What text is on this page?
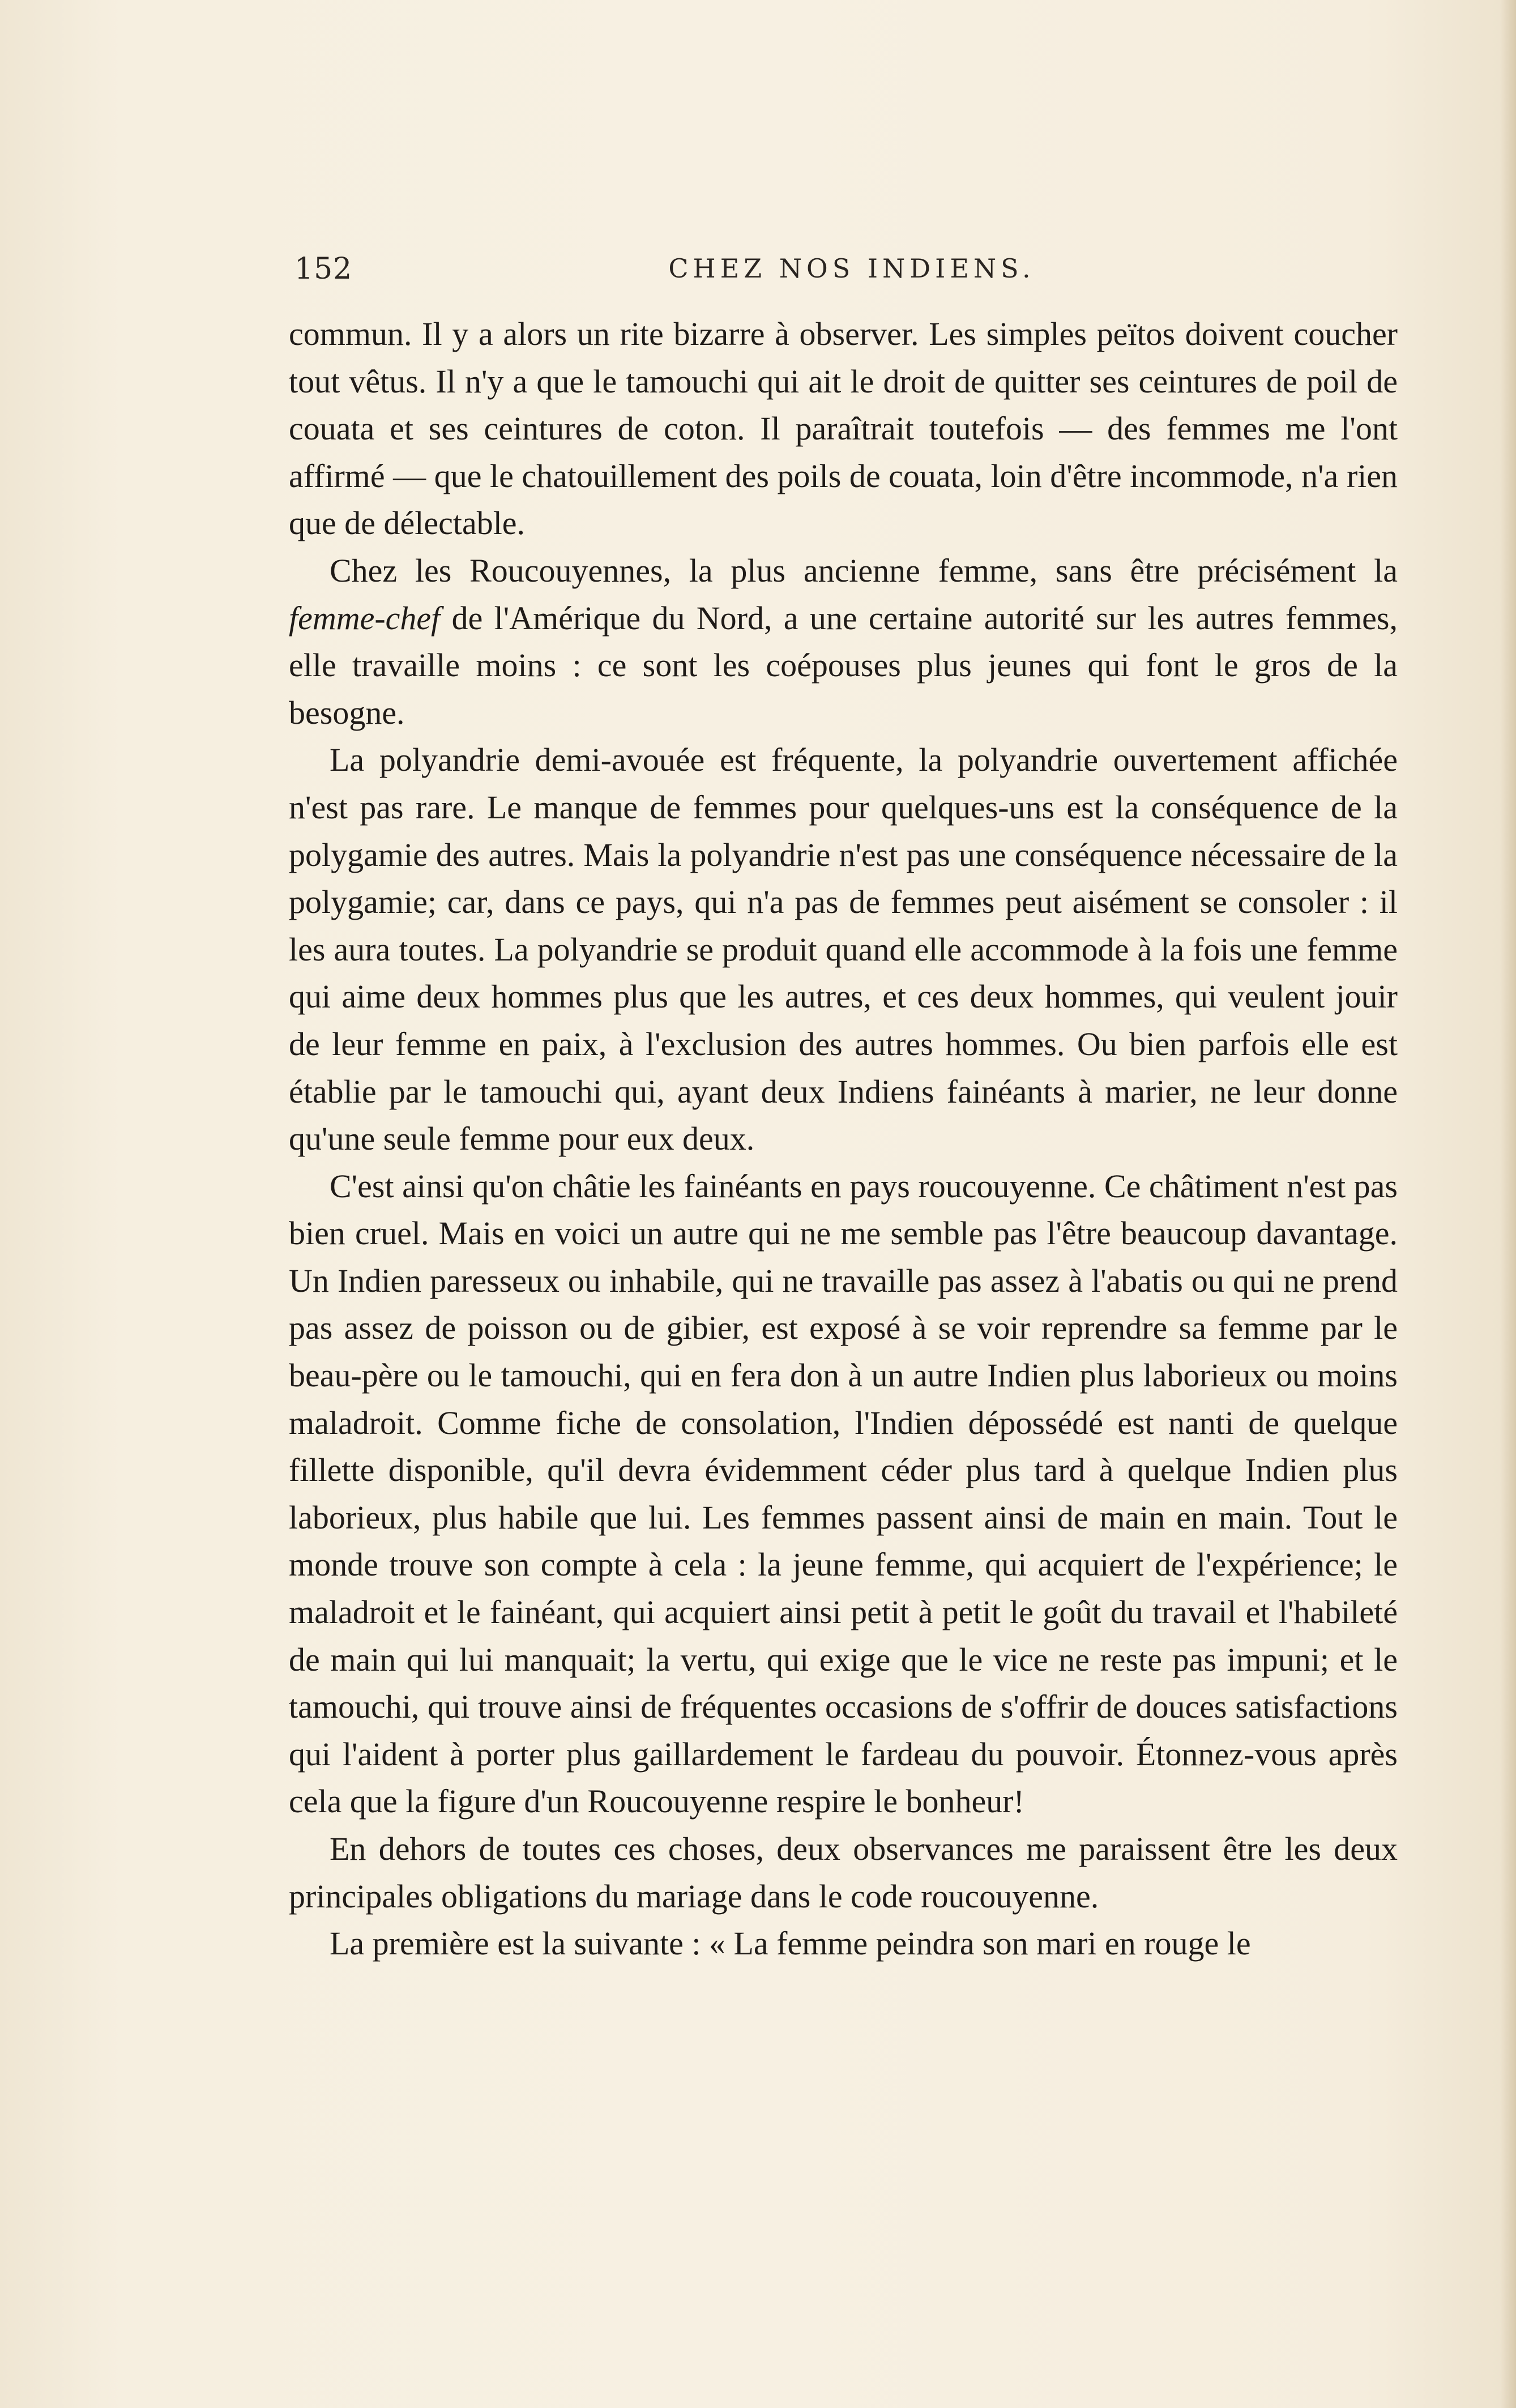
152	CHEZ NOS INDIENS.

commun. Il y a alors un rite bizarre à observer. Les simples peïtos doivent coucher tout vêtus. Il n'y a que le tamouchi qui ait le droit de quitter ses ceintures de poil de couata et ses ceintures de coton. Il paraîtrait toutefois — des femmes me l'ont affirmé — que le chatouillement des poils de couata, loin d'être incommode, n'a rien que de délectable.

Chez les Roucouyennes, la plus ancienne femme, sans être précisément la femme-chef de l'Amérique du Nord, a une certaine autorité sur les autres femmes, elle travaille moins : ce sont les coépouses plus jeunes qui font le gros de la besogne.

La polyandrie demi-avouée est fréquente, la polyandrie ouvertement affichée n'est pas rare. Le manque de femmes pour quelques-uns est la conséquence de la polygamie des autres. Mais la polyandrie n'est pas une conséquence nécessaire de la polygamie; car, dans ce pays, qui n'a pas de femmes peut aisément se consoler : il les aura toutes. La polyandrie se produit quand elle accommode à la fois une femme qui aime deux hommes plus que les autres, et ces deux hommes, qui veulent jouir de leur femme en paix, à l'exclusion des autres hommes. Ou bien parfois elle est établie par le tamouchi qui, ayant deux Indiens fainéants à marier, ne leur donne qu'une seule femme pour eux deux.

C'est ainsi qu'on châtie les fainéants en pays roucouyenne. Ce châtiment n'est pas bien cruel. Mais en voici un autre qui ne me semble pas l'être beaucoup davantage. Un Indien paresseux ou inhabile, qui ne travaille pas assez à l'abatis ou qui ne prend pas assez de poisson ou de gibier, est exposé à se voir reprendre sa femme par le beau-père ou le tamouchi, qui en fera don à un autre Indien plus laborieux ou moins maladroit. Comme fiche de consolation, l'Indien dépossédé est nanti de quelque fillette disponible, qu'il devra évidemment céder plus tard à quelque Indien plus laborieux, plus habile que lui. Les femmes passent ainsi de main en main. Tout le monde trouve son compte à cela : la jeune femme, qui acquiert de l'expérience; le maladroit et le fainéant, qui acquiert ainsi petit à petit le goût du travail et l'habileté de main qui lui manquait; la vertu, qui exige que le vice ne reste pas impuni; et le tamouchi, qui trouve ainsi de fréquentes occasions de s'offrir de douces satisfactions qui l'aident à porter plus gaillardement le fardeau du pouvoir. Étonnez-vous après cela que la figure d'un Roucouyenne respire le bonheur!

En dehors de toutes ces choses, deux observances me paraissent être les deux principales obligations du mariage dans le code roucouyenne.

La première est la suivante : « La femme peindra son mari en rouge le
